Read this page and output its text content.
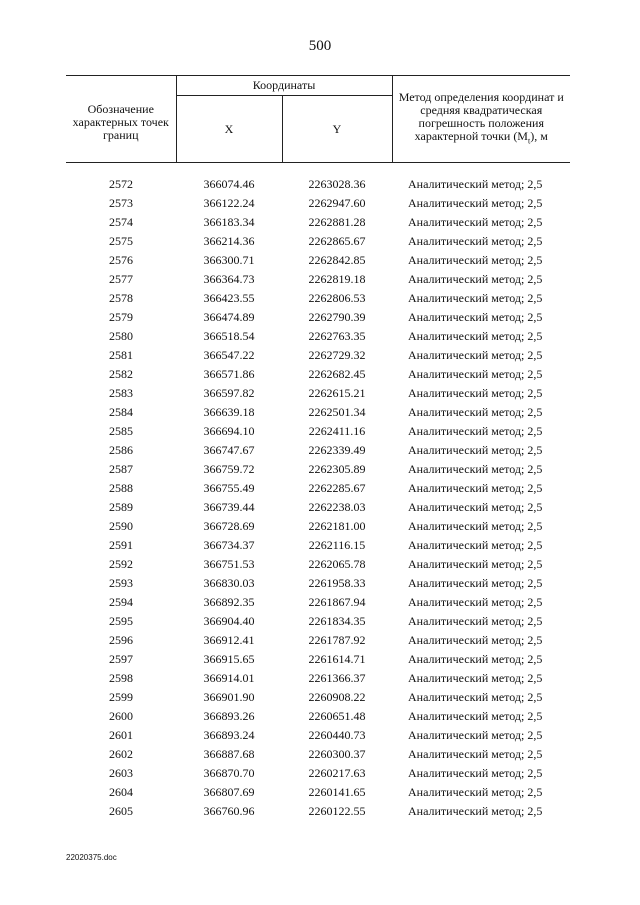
500
Обозначение характерных точек границ	Координаты		Метод определения координат и средняя квадратическая погрешность положения характерной точки $(M_t)$, м
	X	Y	

2572	366074.46	2263028.36	Аналитический метод; 2,5
2573	366122.24	2262947.60	Аналитический метод; 2,5
2574	366183.34	2262881.28	Аналитический метод; 2,5
2575	366214.36	2262865.67	Аналитический метод; 2,5
2576	366300.71	2262842.85	Аналитический метод; 2,5
2577	366364.73	2262819.18	Аналитический метод; 2,5
2578	366423.55	2262806.53	Аналитический метод; 2,5
2579	366474.89	2262790.39	Аналитический метод; 2,5
2580	366518.54	2262763.35	Аналитический метод; 2,5
2581	366547.22	2262729.32	Аналитический метод; 2,5
2582	366571.86	2262682.45	Аналитический метод; 2,5
2583	366597.82	2262615.21	Аналитический метод; 2,5
2584	366639.18	2262501.34	Аналитический метод; 2,5
2585	366694.10	2262411.16	Аналитический метод; 2,5
2586	366747.67	2262339.49	Аналитический метод; 2,5
2587	366759.72	2262305.89	Аналитический метод; 2,5
2588	366755.49	2262285.67	Аналитический метод; 2,5
2589	366739.44	2262238.03	Аналитический метод; 2,5
2590	366728.69	2262181.00	Аналитический метод; 2,5
2591	366734.37	2262116.15	Аналитический метод; 2,5
2592	366751.53	2262065.78	Аналитический метод; 2,5
2593	366830.03	2261958.33	Аналитический метод; 2,5
2594	366892.35	2261867.94	Аналитический метод; 2,5
2595	366904.40	2261834.35	Аналитический метод; 2,5
2596	366912.41	2261787.92	Аналитический метод; 2,5
2597	366915.65	2261614.71	Аналитический метод; 2,5
2598	366914.01	2261366.37	Аналитический метод; 2,5
2599	366901.90	2260908.22	Аналитический метод; 2,5
2600	366893.26	2260651.48	Аналитический метод; 2,5
2601	366893.24	2260440.73	Аналитический метод; 2,5
2602	366887.68	2260300.37	Аналитический метод; 2,5
2603	366870.70	2260217.63	Аналитический метод; 2,5
2604	366807.69	2260141.65	Аналитический метод; 2,5
2605	366760.96	2260122.55	Аналитический метод; 2,5
22020375.doc
